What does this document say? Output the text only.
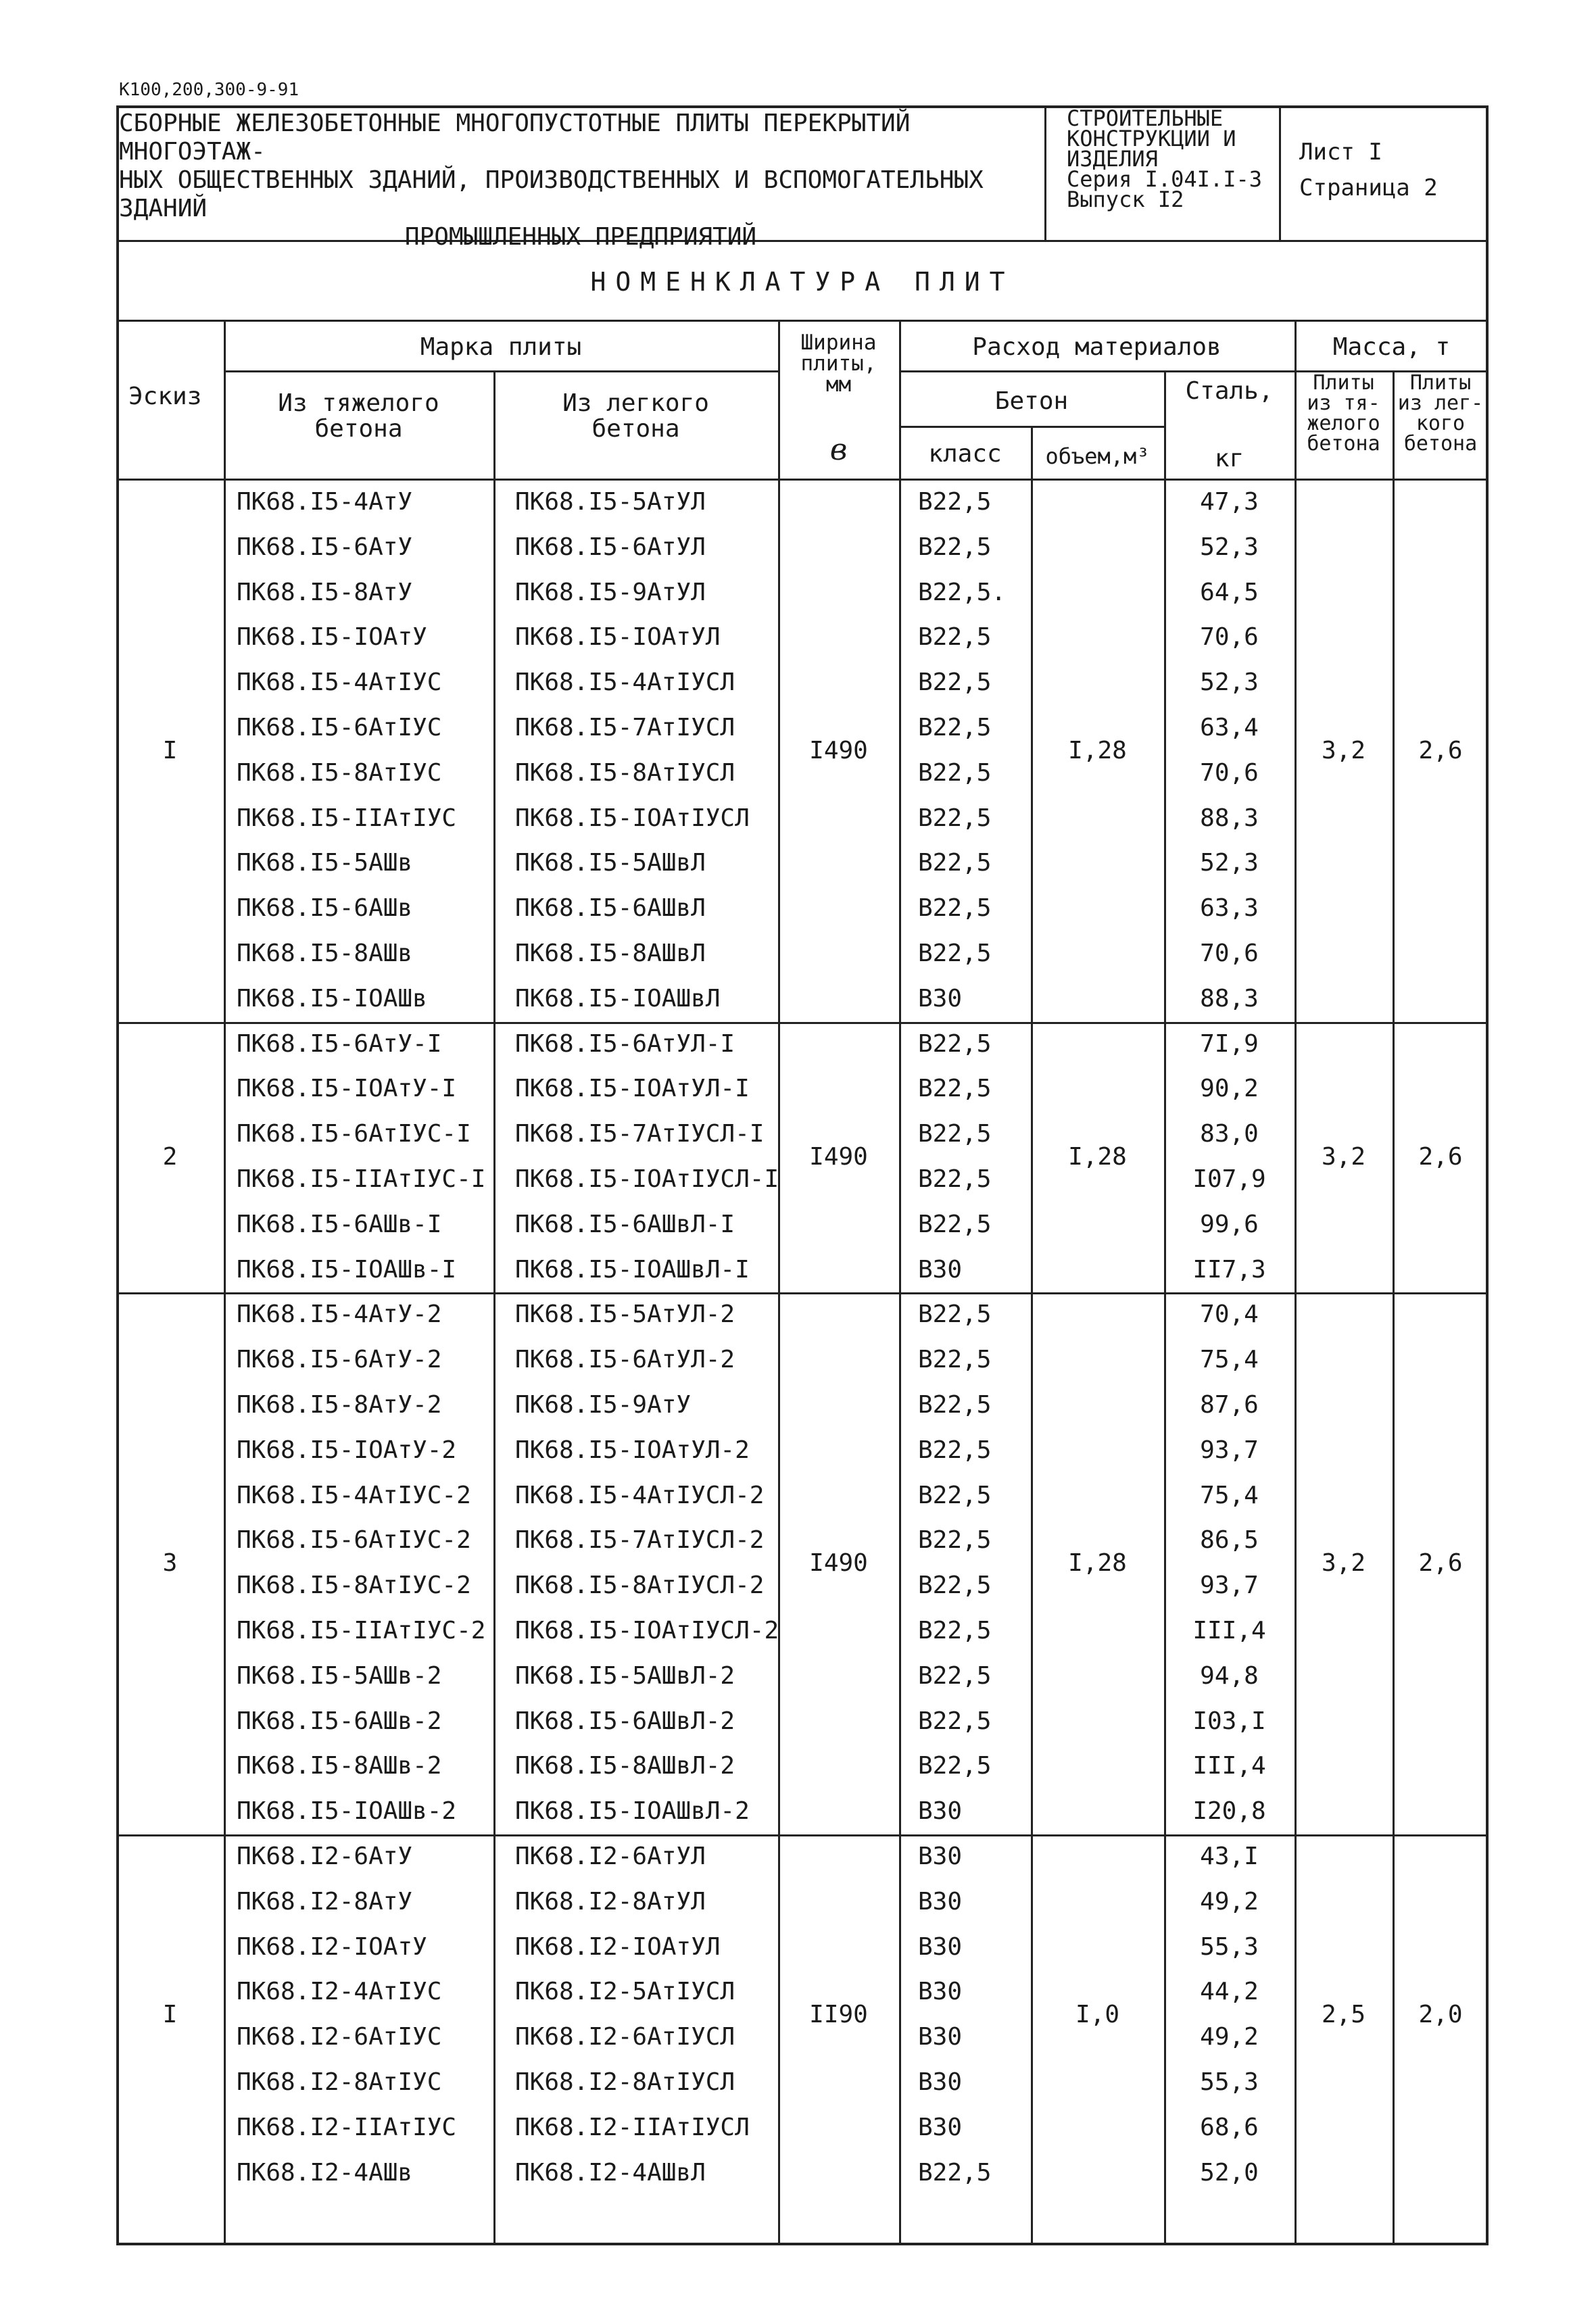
К100,200,300-9-91
СБОРНЫЕ ЖЕЛЕЗОБЕТОННЫЕ МНОГОПУСТОТНЫЕ ПЛИТЫ ПЕРЕКРЫТИЙ МНОГОЭТАЖ-
НЫХ ОБЩЕСТВЕННЫХ ЗДАНИЙ, ПРОИЗВОДСТВЕННЫХ И ВСПОМОГАТЕЛЬНЫХ ЗДАНИЙ
ПРОМЫШЛЕННЫХ ПРЕДПРИЯТИЙ
СТРОИТЕЛЬНЫЕ
КОНСТРУКЦИИ И
ИЗДЕЛИЯ
Серия I.04I.I-3
Выпуск I2
Лист I
Страница 2
НОМЕНКЛАТУРА ПЛИТ
Эскиз
Марка плиты
Из тяжелого
бетона
Из легкого
бетона
Ширина
плиты,
мм
в
Расход материалов
Бетон	Сталь,
класс	объем,м³	кг
Масса, т
Плиты
из тя-
желого
бетона
Плиты
из лег-
кого
бетона
ПК68.I5-4АтУ	ПК68.I5-5АтУЛ	В22,5	47,3
ПК68.I5-6АтУ	ПК68.I5-6АтУЛ	В22,5	52,3
ПК68.I5-8АтУ	ПК68.I5-9АтУЛ	В22,5.	64,5
ПК68.I5-IОАтУ	ПК68.I5-IОАтУЛ	В22,5	70,6
ПК68.I5-4АтIУС	ПК68.I5-4АтIУСЛ	В22,5	52,3
ПК68.I5-6АтIУС	ПК68.I5-7АтIУСЛ	В22,5	63,4
ПК68.I5-8АтIУС	ПК68.I5-8АтIУСЛ	В22,5	70,6
ПК68.I5-IIАтIУС	ПК68.I5-IОАтIУСЛ	В22,5	88,3
ПК68.I5-5АШв	ПК68.I5-5АШвЛ	В22,5	52,3
ПК68.I5-6АШв	ПК68.I5-6АШвЛ	В22,5	63,3
ПК68.I5-8АШв	ПК68.I5-8АШвЛ	В22,5	70,6
ПК68.I5-IОАШв	ПК68.I5-IОАШвЛ	В30	88,3
I	I490	I,28	3,2	2,6
ПК68.I5-6АтУ-I	ПК68.I5-6АтУЛ-I	В22,5	7I,9
ПК68.I5-IОАтУ-I	ПК68.I5-IОАтУЛ-I	В22,5	90,2
ПК68.I5-6АтIУС-I	ПК68.I5-7АтIУСЛ-I	В22,5	83,0
ПК68.I5-IIАтIУС-I ПК68.I5-IОАтIУСЛ-I	В22,5	I07,9
ПК68.I5-6АШв-I	ПК68.I5-6АШвЛ-I	В22,5	99,6
ПК68.I5-IОАШв-I	ПК68.I5-IОАШвЛ-I	В30	II7,3
2	I490	I,28	3,2	2,6
ПК68.I5-4АтУ-2	ПК68.I5-5АтУЛ-2	В22,5	70,4
ПК68.I5-6АтУ-2	ПК68.I5-6АтУЛ-2	В22,5	75,4
ПК68.I5-8АтУ-2	ПК68.I5-9АтУ	В22,5	87,6
ПК68.I5-IОАтУ-2	ПК68.I5-IОАтУЛ-2	В22,5	93,7
ПК68.I5-4АтIУС-2	ПК68.I5-4АтIУСЛ-2	В22,5	75,4
ПК68.I5-6АтIУС-2	ПК68.I5-7АтIУСЛ-2	В22,5	86,5
ПК68.I5-8АтIУС-2	ПК68.I5-8АтIУСЛ-2	В22,5	93,7
ПК68.I5-IIАтIУС-2 ПК68.I5-IОАтIУСЛ-2	В22,5	III,4
ПК68.I5-5АШв-2	ПК68.I5-5АШвЛ-2	В22,5	94,8
ПК68.I5-6АШв-2	ПК68.I5-6АШвЛ-2	В22,5	I03,I
ПК68.I5-8АШв-2	ПК68.I5-8АШвЛ-2	В22,5	III,4
ПК68.I5-IОАШв-2	ПК68.I5-IОАШвЛ-2	В30	I20,8
3	I490	I,28	3,2	2,6
ПК68.I2-6АтУ	ПК68.I2-6АтУЛ	В30	43,I
ПК68.I2-8АтУ	ПК68.I2-8АтУЛ	В30	49,2
ПК68.I2-IОАтУ	ПК68.I2-IОАтУЛ	В30	55,3
ПК68.I2-4АтIУС	ПК68.I2-5АтIУСЛ	В30	44,2
ПК68.I2-6АтIУС	ПК68.I2-6АтIУСЛ	В30	49,2
ПК68.I2-8АтIУС	ПК68.I2-8АтIУСЛ	В30	55,3
ПК68.I2-IIАтIУС	ПК68.I2-IIАтIУСЛ	В30	68,6
ПК68.I2-4АШв	ПК68.I2-4АШвЛ	В22,5	52,0
I	II90	I,0	2,5	2,0
